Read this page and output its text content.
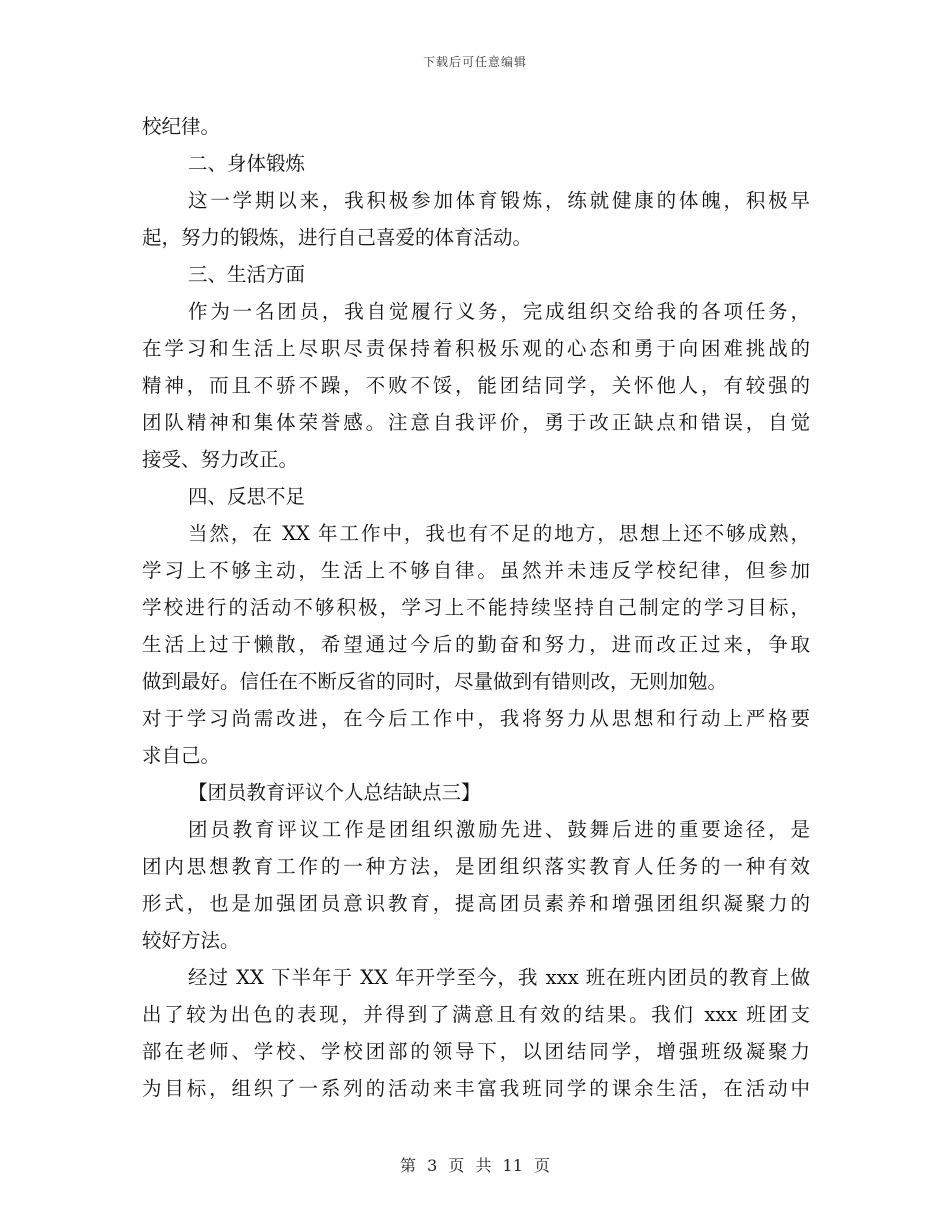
下载后可任意编辑
校纪律。
二、身体锻炼
这一学期以来，我积极参加体育锻炼，练就健康的体魄，积极早
起，努力的锻炼，进行自己喜爱的体育活动。
三、生活方面
作为一名团员，我自觉履行义务，完成组织交给我的各项任务，
在学习和生活上尽职尽责保持着积极乐观的心态和勇于向困难挑战的
精神，而且不骄不躁，不败不馁，能团结同学，关怀他人，有较强的
团队精神和集体荣誉感。注意自我评价，勇于改正缺点和错误，自觉
接受、努力改正。
四、反思不足
当然，在 XX 年工作中，我也有不足的地方，思想上还不够成熟，
学习上不够主动，生活上不够自律。虽然并未违反学校纪律，但参加
学校进行的活动不够积极，学习上不能持续坚持自己制定的学习目标，
生活上过于懒散，希望通过今后的勤奋和努力，进而改正过来，争取
做到最好。信任在不断反省的同时，尽量做到有错则改，无则加勉。
对于学习尚需改进，在今后工作中，我将努力从思想和行动上严格要
求自己。
【团员教育评议个人总结缺点三】
团员教育评议工作是团组织激励先进、鼓舞后进的重要途径，是
团内思想教育工作的一种方法，是团组织落实教育人任务的一种有效
形式，也是加强团员意识教育，提高团员素养和增强团组织凝聚力的
较好方法。
经过 XX 下半年于 XX 年开学至今，我 xxx 班在班内团员的教育上做
出了较为出色的表现，并得到了满意且有效的结果。我们 xxx 班团支
部在老师、学校、学校团部的领导下，以团结同学，增强班级凝聚力
为目标，组织了一系列的活动来丰富我班同学的课余生活，在活动中
第 3 页 共 11 页
